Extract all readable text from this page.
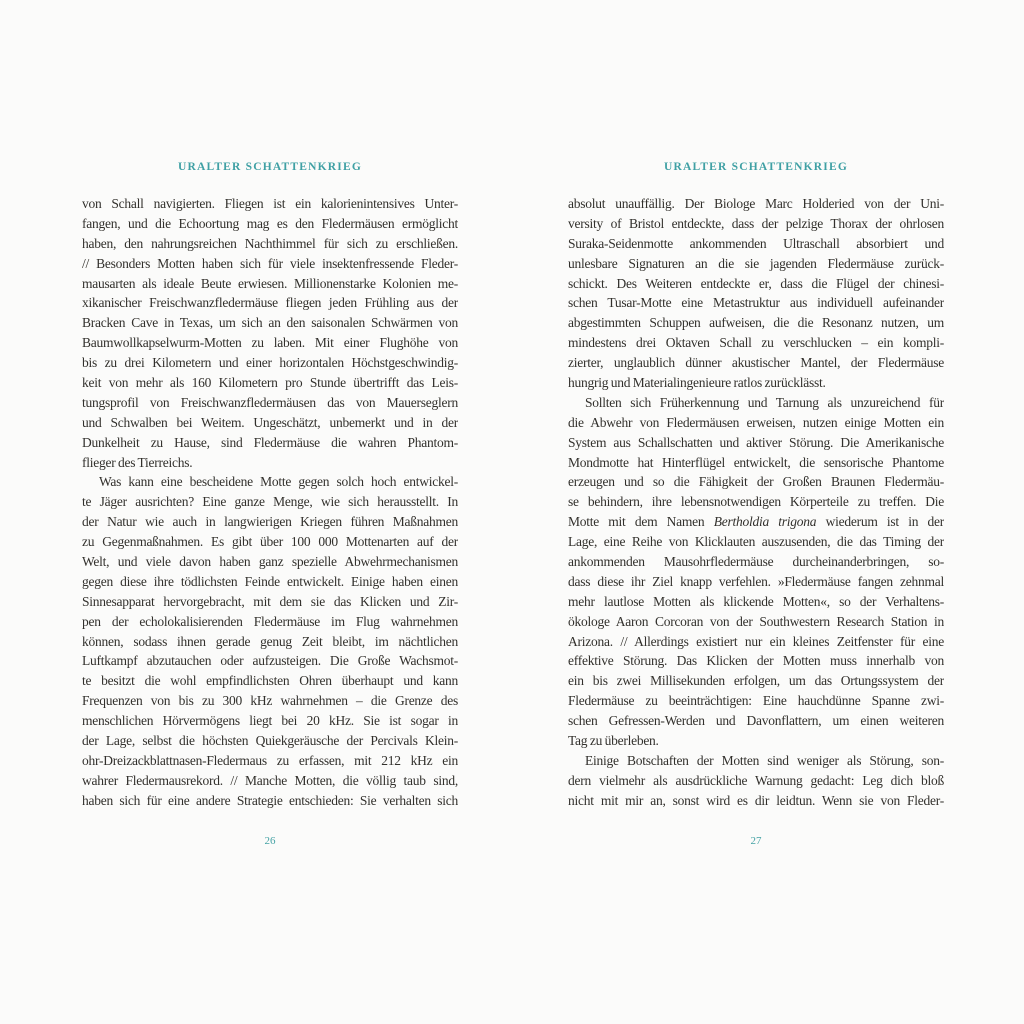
URALTER SCHATTENKRIEG
von Schall navigierten. Fliegen ist ein kalorienintensives Unter-
fangen, und die Echoortung mag es den Fledermäusen ermöglicht
haben, den nahrungsreichen Nachthimmel für sich zu erschließen.
// Besonders Motten haben sich für viele insektenfressende Fleder-
mausarten als ideale Beute erwiesen. Millionenstarke Kolonien me-
xikanischer Freischwanzfledermäuse fliegen jeden Frühling aus der
Bracken Cave in Texas, um sich an den saisonalen Schwärmen von
Baumwollkapselwurm-Motten zu laben. Mit einer Flughöhe von
bis zu drei Kilometern und einer horizontalen Höchstgeschwindig-
keit von mehr als 160 Kilometern pro Stunde übertrifft das Leis-
tungsprofil von Freischwanzfledermäusen das von Mauerseglern
und Schwalben bei Weitem. Ungeschätzt, unbemerkt und in der
Dunkelheit zu Hause, sind Fledermäuse die wahren Phantom-
flieger des Tierreichs.
Was kann eine bescheidene Motte gegen solch hoch entwickel-
te Jäger ausrichten? Eine ganze Menge, wie sich herausstellt. In
der Natur wie auch in langwierigen Kriegen führen Maßnahmen
zu Gegenmaßnahmen. Es gibt über 100 000 Mottenarten auf der
Welt, und viele davon haben ganz spezielle Abwehrmechanismen
gegen diese ihre tödlichsten Feinde entwickelt. Einige haben einen
Sinnesapparat hervorgebracht, mit dem sie das Klicken und Zir-
pen der echolokalisierenden Fledermäuse im Flug wahrnehmen
können, sodass ihnen gerade genug Zeit bleibt, im nächtlichen
Luftkampf abzutauchen oder aufzusteigen. Die Große Wachsmot-
te besitzt die wohl empfindlichsten Ohren überhaupt und kann
Frequenzen von bis zu 300 kHz wahrnehmen – die Grenze des
menschlichen Hörvermögens liegt bei 20 kHz. Sie ist sogar in
der Lage, selbst die höchsten Quiekgeräusche der Percivals Klein-
ohr-Dreizackblattnasen-Fledermaus zu erfassen, mit 212 kHz ein
wahrer Fledermausrekord. // Manche Motten, die völlig taub sind,
haben sich für eine andere Strategie entschieden: Sie verhalten sich
26
URALTER SCHATTENKRIEG
absolut unauffällig. Der Biologe Marc Holderied von der Uni-
versity of Bristol entdeckte, dass der pelzige Thorax der ohrlosen
Suraka-Seidenmotte ankommenden Ultraschall absorbiert und
unlesbare Signaturen an die sie jagenden Fledermäuse zurück-
schickt. Des Weiteren entdeckte er, dass die Flügel der chinesi-
schen Tusar-Motte eine Metastruktur aus individuell aufeinander
abgestimmten Schuppen aufweisen, die die Resonanz nutzen, um
mindestens drei Oktaven Schall zu verschlucken – ein kompli-
zierter, unglaublich dünner akustischer Mantel, der Fledermäuse
hungrig und Materialingenieure ratlos zurücklässt.
Sollten sich Früherkennung und Tarnung als unzureichend für
die Abwehr von Fledermäusen erweisen, nutzen einige Motten ein
System aus Schallschatten und aktiver Störung. Die Amerikanische
Mondmotte hat Hinterflügel entwickelt, die sensorische Phantome
erzeugen und so die Fähigkeit der Großen Braunen Fledermäu-
se behindern, ihre lebensnotwendigen Körperteile zu treffen. Die
Motte mit dem Namen Bertholdia trigona wiederum ist in der
Lage, eine Reihe von Klicklauten auszusenden, die das Timing der
ankommenden Mausohrfledermäuse durcheinanderbringen, so-
dass diese ihr Ziel knapp verfehlen. »Fledermäuse fangen zehnmal
mehr lautlose Motten als klickende Motten«, so der Verhaltens-
ökologe Aaron Corcoran von der Southwestern Research Station in
Arizona. // Allerdings existiert nur ein kleines Zeitfenster für eine
effektive Störung. Das Klicken der Motten muss innerhalb von
ein bis zwei Millisekunden erfolgen, um das Ortungssystem der
Fledermäuse zu beeinträchtigen: Eine hauchdünne Spanne zwi-
schen Gefressen-Werden und Davonflattern, um einen weiteren
Tag zu überleben.
Einige Botschaften der Motten sind weniger als Störung, son-
dern vielmehr als ausdrückliche Warnung gedacht: Leg dich bloß
nicht mit mir an, sonst wird es dir leidtun. Wenn sie von Fleder-
27
